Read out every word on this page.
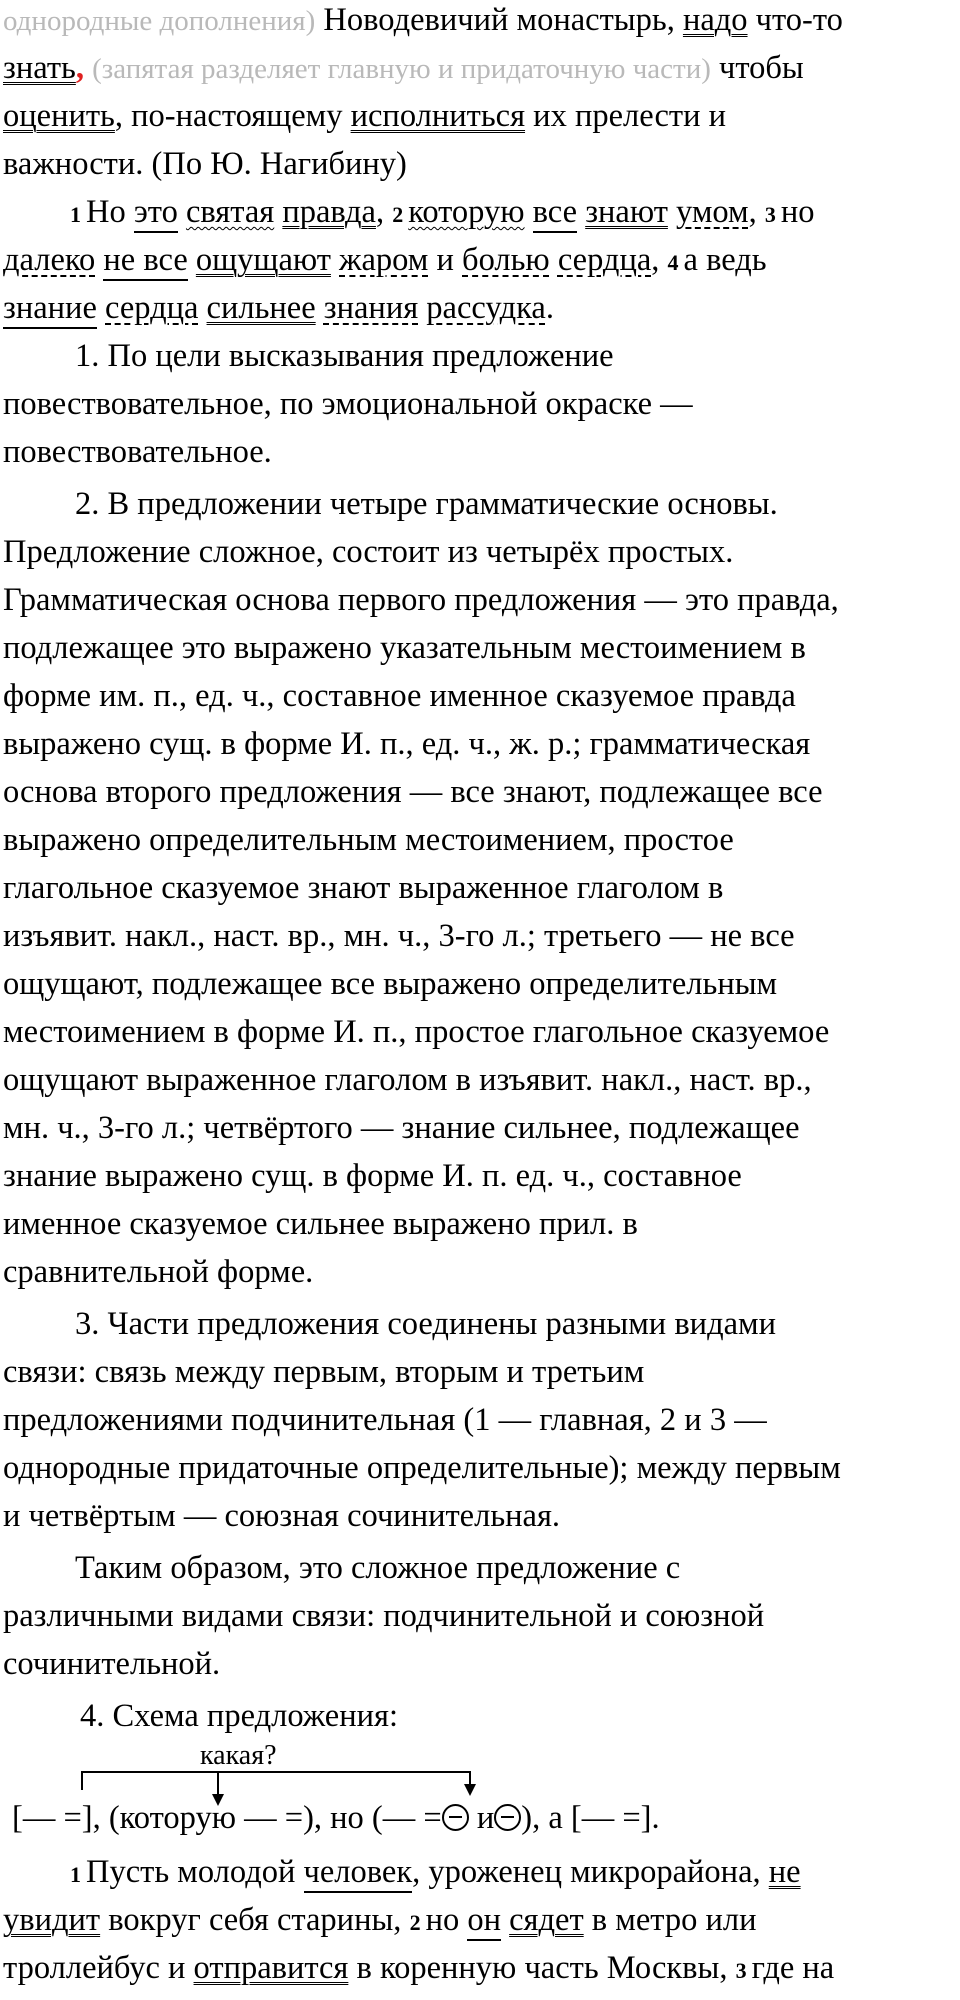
однородные дополнения) Новодевичий монастырь, надо что-то
знать, (запятая разделяет главную и придаточную части) чтобы
оценить, по-настоящему исполниться их прелести и
важности. (По Ю. Нагибину)
1 Но это святая правда, 2 которую все знают умом, 3 но
далеко не все ощущают жаром и болью сердца, 4 а ведь
знание сердца сильнее знания рассудка.
1. По цели высказывания предложение
повествовательное, по эмоциональной окраске —
повествовательное.
2. В предложении четыре грамматические основы.
Предложение сложное, состоит из четырёх простых.
Грамматическая основа первого предложения — это правда,
подлежащее это выражено указательным местоимением в
форме им. п., ед. ч., составное именное сказуемое правда
выражено сущ. в форме И. п., ед. ч., ж. р.; грамматическая
основа второго предложения — все знают, подлежащее все
выражено определительным местоимением, простое
глагольное сказуемое знают выраженное глаголом в
изъявит. накл., наст. вр., мн. ч., 3-го л.; третьего — не все
ощущают, подлежащее все выражено определительным
местоимением в форме И. п., простое глагольное сказуемое
ощущают выраженное глаголом в изъявит. накл., наст. вр.,
мн. ч., 3-го л.; четвёртого — знание сильнее, подлежащее
знание выражено сущ. в форме И. п. ед. ч., составное
именное сказуемое сильнее выражено прил. в
сравнительной форме.
3. Части предложения соединены разными видами
связи: связь между первым, вторым и третьим
предложениями подчинительная (1 — главная, 2 и 3 —
однородные придаточные определительные); между первым
и четвёртым — союзная сочинительная.
Таким образом, это сложное предложение с
различными видами связи: подчинительной и союзной
сочинительной.
4. Схема предложения:
какая?
[— =], (которую — =), но (— = и ), а [— =].
1 Пусть молодой человек, уроженец микрорайона, не
увидит вокруг себя старины, 2 но он сядет в метро или
троллейбус и отправится в коренную часть Москвы, 3 где на
